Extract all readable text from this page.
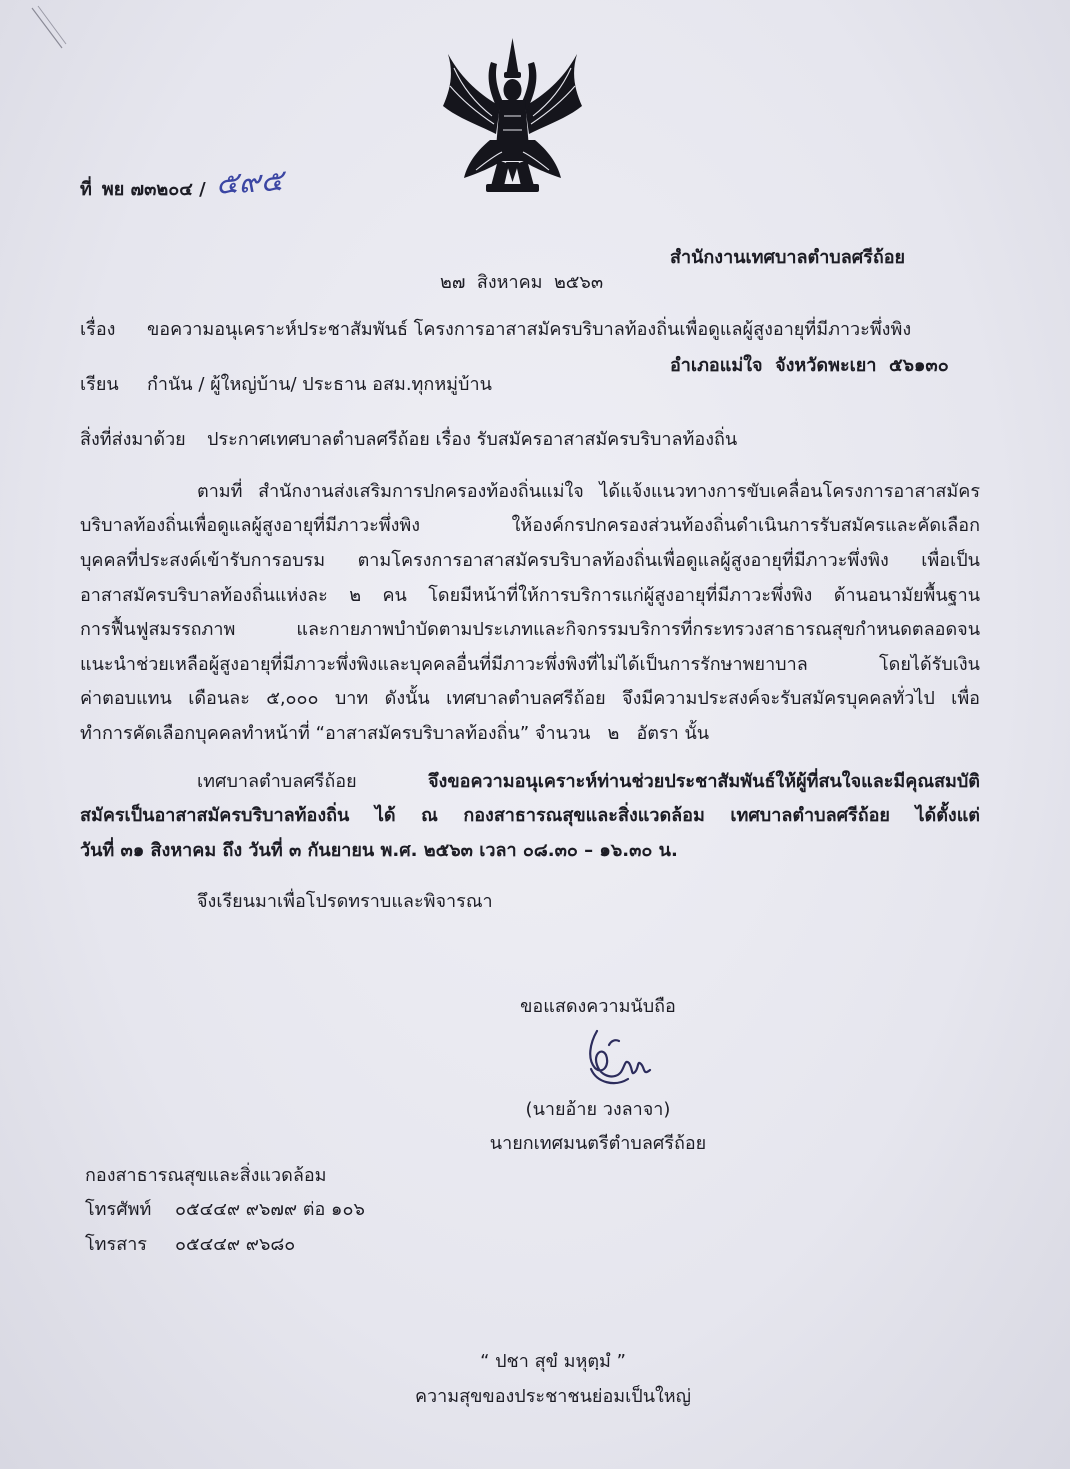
ที่ พย ๗๓๒๐๔ / ๕๙๕

สำนักงานเทศบาลตำบลศรีถ้อย

อำเภอแม่ใจ  จังหวัดพะเยา  ๕๖๑๓๐

๒๗  สิงหาคม  ๒๕๖๓
เรื่อง	ขอความอนุเคราะห์ประชาสัมพันธ์ โครงการอาสาสมัครบริบาลท้องถิ่นเพื่อดูแลผู้สูงอายุที่มีภาวะพึ่งพิง
เรียน	กำนัน / ผู้ใหญ่บ้าน/ ประธาน อสม.ทุกหมู่บ้าน
สิ่งที่ส่งมาด้วย	ประกาศเทศบาลตำบลศรีถ้อย เรื่อง รับสมัครอาสาสมัครบริบาลท้องถิ่น
ตามที่ สำนักงานส่งเสริมการปกครองท้องถิ่นแม่ใจ ได้แจ้งแนวทางการขับเคลื่อนโครงการอาสาสมัคร
บริบาลท้องถิ่นเพื่อดูแลผู้สูงอายุที่มีภาวะพึ่งพิง ให้องค์กรปกครองส่วนท้องถิ่นดำเนินการรับสมัครและคัดเลือก
บุคคลที่ประสงค์เข้ารับการอบรม ตามโครงการอาสาสมัครบริบาลท้องถิ่นเพื่อดูแลผู้สูงอายุที่มีภาวะพึ่งพิง เพื่อเป็น
อาสาสมัครบริบาลท้องถิ่นแห่งละ ๒ คน โดยมีหน้าที่ให้การบริการแก่ผู้สูงอายุที่มีภาวะพึ่งพิง ด้านอนามัยพื้นฐาน
การฟื้นฟูสมรรถภาพ และกายภาพบำบัดตามประเภทและกิจกรรมบริการที่กระทรวงสาธารณสุขกำหนดตลอดจน
แนะนำช่วยเหลือผู้สูงอายุที่มีภาวะพึ่งพิงและบุคคลอื่นที่มีภาวะพึ่งพิงที่ไม่ได้เป็นการรักษาพยาบาล โดยได้รับเงิน
ค่าตอบแทน เดือนละ ๕,๐๐๐ บาท ดังนั้น เทศบาลตำบลศรีถ้อย จึงมีความประสงค์จะรับสมัครบุคคลทั่วไป เพื่อ
ทำการคัดเลือกบุคคลทำหน้าที่ “อาสาสมัครบริบาลท้องถิ่น” จำนวน   ๒   อัตรา นั้น
เทศบาลตำบลศรีถ้อย จึงขอความอนุเคราะห์ท่านช่วยประชาสัมพันธ์ให้ผู้ที่สนใจและมีคุณสมบัติ
สมัครเป็นอาสาสมัครบริบาลท้องถิ่น ได้ ณ กองสาธารณสุขและสิ่งแวดล้อม เทศบาลตำบลศรีถ้อย ได้ตั้งแต่
วันที่ ๓๑ สิงหาคม ถึง วันที่ ๓ กันยายน พ.ศ. ๒๕๖๓ เวลา ๐๘.๓๐ – ๑๖.๓๐ น.
จึงเรียนมาเพื่อโปรดทราบและพิจารณา
ขอแสดงความนับถือ
(นายอ้าย วงลาจา)
นายกเทศมนตรีตำบลศรีถ้อย
กองสาธารณสุขและสิ่งแวดล้อม
โทรศัพท์ ๐๕๔๔๙ ๙๖๗๙ ต่อ ๑๐๖
โทรสาร ๐๕๔๔๙ ๙๖๘๐
“ ปชา สุขํ มหุตฺมํ ”
ความสุขของประชาชนย่อมเป็นใหญ่
